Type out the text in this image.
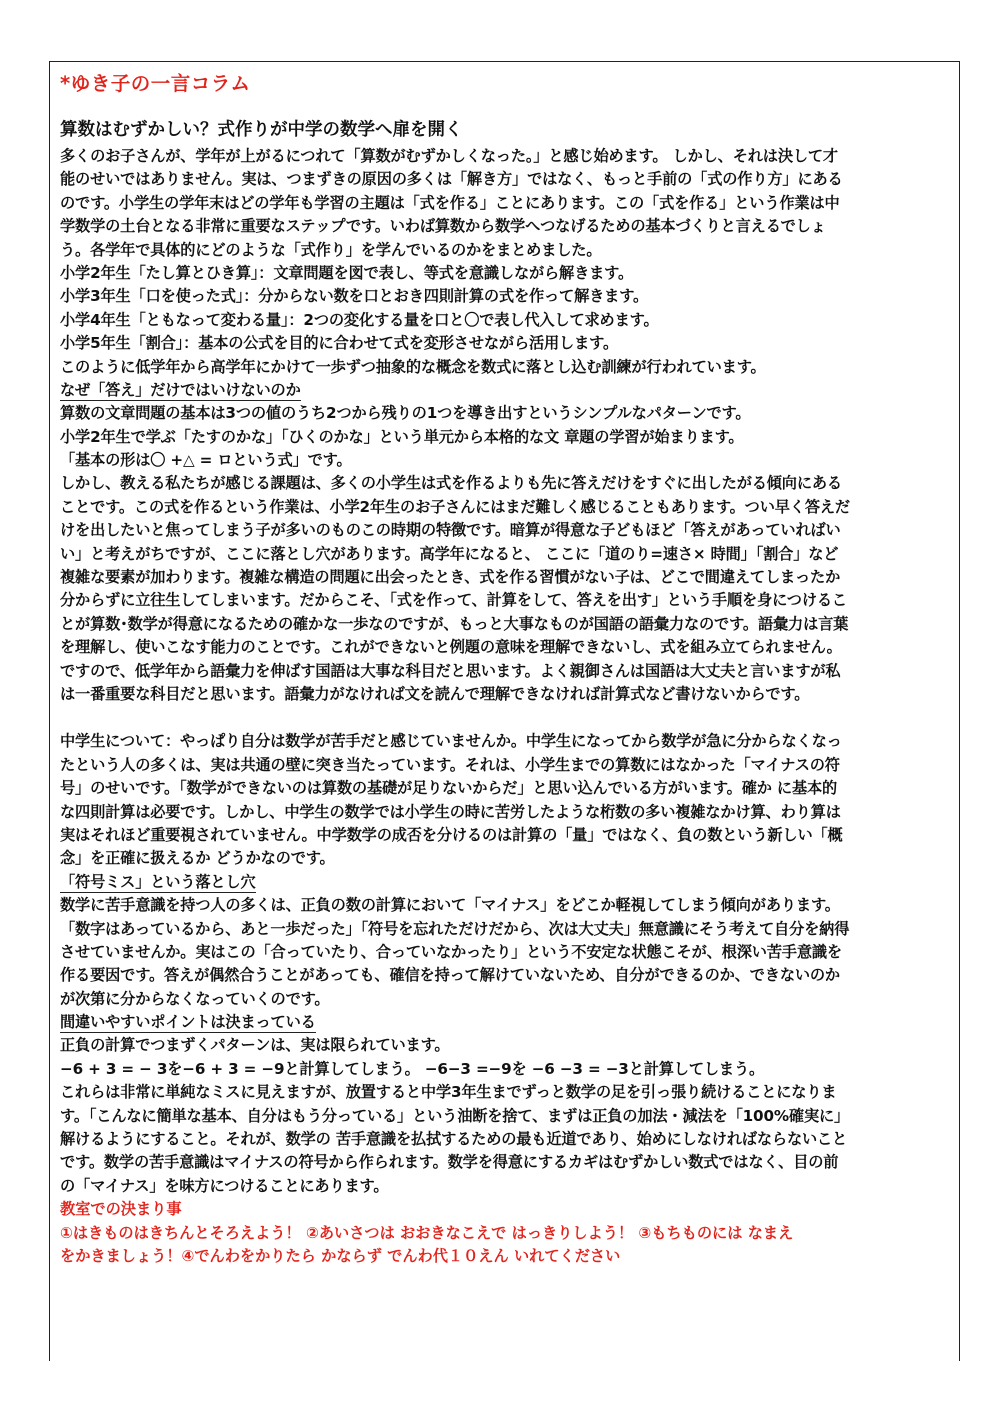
*ゆき子の一言コラム
算数はむずかしい？式作りが中学の数学へ扉を開く
多くのお子さんが、学年が上がるにつれて「算数がむずかしくなった。」と感じ始めます。 しかし、それは決して才
能のせいではありません。実は、つまずきの原因の多くは「解き方」ではなく、もっと手前の「式の作り方」にある
のです。小学生の学年末はどの学年も学習の主題は「式を作る」ことにあります。この「式を作る」という作業は中
学数学の土台となる非常に重要なステップです。いわば算数から数学へつなげるための基本づくりと言えるでしょ
う。各学年で具体的にどのような「式作り」を学んでいるのかをまとめました。
小学2年生「たし算とひき算」：文章問題を図で表し、等式を意識しながら解きます。
小学3年生「口を使った式」：分からない数を口とおき四則計算の式を作って解きます。
小学4年生「ともなって変わる量」：2つの変化する量を口と〇で表し代入して求めます。
小学5年生「割合」：基本の公式を目的に合わせて式を変形させながら活用します。
このように低学年から高学年にかけて一歩ずつ抽象的な概念を数式に落とし込む訓練が行われています。
なぜ「答え」だけではいけないのか
算数の文章問題の基本は3つの値のうち2つから残りの1つを導き出すというシンプルなパターンです。
小学2年生で学ぶ「たすのかな」「ひくのかな」という単元から本格的な文 章題の学習が始まります。
「基本の形は〇 +△ = ロという式」です。
しかし、教える私たちが感じる課題は、多くの小学生は式を作るよりも先に答えだけをすぐに出したがる傾向にある
ことです。この式を作るという作業は、小学2年生のお子さんにはまだ難しく感じることもあります。つい早く答えだ
けを出したいと焦ってしまう子が多いのものこの時期の特徴です。暗算が得意な子どもほど「答えがあっていればい
い」と考えがちですが、ここに落とし穴があります。高学年になると、 ここに「道のり=速さ× 時間」「割合」など
複雑な要素が加わります。複雑な構造の問題に出会ったとき、式を作る習慣がない子は、どこで間違えてしまったか
分からずに立往生してしまいます。だからこそ、「式を作って、計算をして、答えを出す」という手順を身につけるこ
とが算数･数学が得意になるための確かな一歩なのですが、もっと大事なものが国語の語彙力なのです。語彙力は言葉
を理解し、使いこなす能力のことです。これができないと例題の意味を理解できないし、式を組み立てられません。
ですので、低学年から語彙力を伸ばす国語は大事な科目だと思います。よく親御さんは国語は大丈夫と言いますが私
は一番重要な科目だと思います。語彙力がなければ文を読んで理解できなければ計算式など書けないからです。
中学生について：やっぱり自分は数学が苦手だと感じていませんか。中学生になってから数学が急に分からなくなっ
たという人の多くは、実は共通の壁に突き当たっています。それは、小学生までの算数にはなかった「マイナスの符
号」のせいです。「数学ができないのは算数の基礎が足りないからだ」と思い込んでいる方がいます。確か に基本的
な四則計算は必要です。しかし、中学生の数学では小学生の時に苦労したような桁数の多い複雑なかけ算、わり算は
実はそれほど重要視されていません。中学数学の成否を分けるのは計算の「量」ではなく、負の数という新しい「概
念」を正確に扱えるか どうかなのです。
「符号ミス」という落とし穴
数学に苦手意識を持つ人の多くは、正負の数の計算において「マイナス」をどこか軽視してしまう傾向があります。
「数字はあっているから、あと一歩だった」「符号を忘れただけだから、次は大丈夫」無意識にそう考えて自分を納得
させていませんか。実はこの「合っていたり、合っていなかったり」という不安定な状態こそが、根深い苦手意識を
作る要因です。答えが偶然合うことがあっても、確信を持って解けていないため、自分ができるのか、できないのか
が次第に分からなくなっていくのです。
間違いやすいポイントは決まっている
正負の計算でつまずくパターンは、実は限られています。
−6 + 3 = − 3を−6 + 3 = −9と計算してしまう。 −6−3 =−9を −6 −3 = −3と計算してしまう。
これらは非常に単純なミスに見えますが、放置すると中学3年生までずっと数学の足を引っ張り続けることになりま
す。「こんなに簡単な基本、自分はもう分っている」という油断を捨て、まずは正負の加法・減法を「100%確実に」
解けるようにすること。それが、数学の 苦手意識を払拭するための最も近道であり、始めにしなければならないこと
です。数学の苦手意識はマイナスの符号から作られます。数学を得意にするカギはむずかしい数式ではなく、目の前
の「マイナス」を味方につけることにあります。
教室での決まり事
①はきものはきちんとそろえよう！ ②あいさつは おおきなこえで はっきりしよう！ ③もちものには なまえ
をかきましょう！④でんわをかりたら かならず でんわ代１０えん いれてください
